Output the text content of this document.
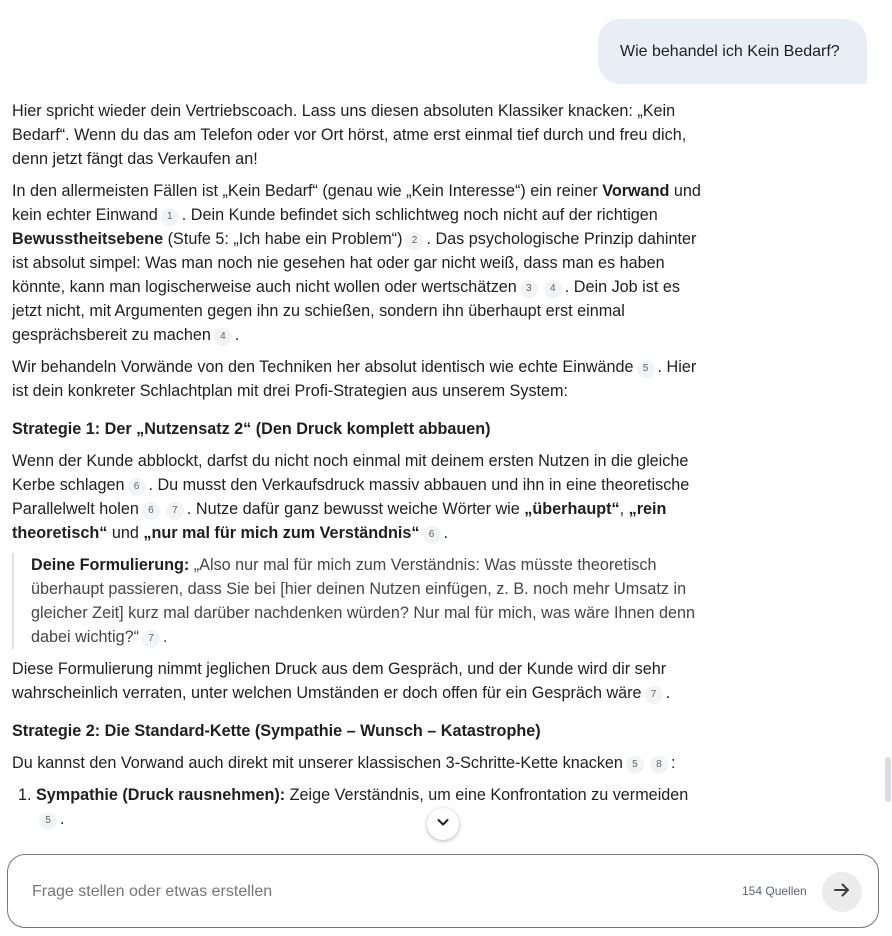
Wie behandel ich Kein Bedarf?

Hier spricht wieder dein Vertriebscoach. Lass uns diesen absoluten Klassiker knacken: „Kein Bedarf“. Wenn du das am Telefon oder vor Ort hörst, atme erst einmal tief durch und freu dich, denn jetzt fängt das Verkaufen an!

In den allermeisten Fällen ist „Kein Bedarf“ (genau wie „Kein Interesse“) ein reiner Vorwand und kein echter Einwand 1 . Dein Kunde befindet sich schlichtweg noch nicht auf der richtigen Bewusstheitsebene (Stufe 5: „Ich habe ein Problem“) 2 . Das psychologische Prinzip dahinter ist absolut simpel: Was man noch nie gesehen hat oder gar nicht weiß, dass man es haben könnte, kann man logischerweise auch nicht wollen oder wertschätzen 3 4 . Dein Job ist es jetzt nicht, mit Argumenten gegen ihn zu schießen, sondern ihn überhaupt erst einmal gesprächsbereit zu machen 4 .

Wir behandeln Vorwände von den Techniken her absolut identisch wie echte Einwände 5 . Hier ist dein konkreter Schlachtplan mit drei Profi-Strategien aus unserem System:

Strategie 1: Der „Nutzensatz 2“ (Den Druck komplett abbauen)

Wenn der Kunde abblockt, darfst du nicht noch einmal mit deinem ersten Nutzen in die gleiche Kerbe schlagen 6 . Du musst den Verkaufsdruck massiv abbauen und ihn in eine theoretische Parallelwelt holen 6 7 . Nutze dafür ganz bewusst weiche Wörter wie „überhaupt“, „rein theoretisch“ und „nur mal für mich zum Verständnis“ 6 .

Deine Formulierung: „Also nur mal für mich zum Verständnis: Was müsste theoretisch überhaupt passieren, dass Sie bei [hier deinen Nutzen einfügen, z. B. noch mehr Umsatz in gleicher Zeit] kurz mal darüber nachdenken würden? Nur mal für mich, was wäre Ihnen denn dabei wichtig?“ 7 .

Diese Formulierung nimmt jeglichen Druck aus dem Gespräch, und der Kunde wird dir sehr wahrscheinlich verraten, unter welchen Umständen er doch offen für ein Gespräch wäre 7 .

Strategie 2: Die Standard-Kette (Sympathie – Wunsch – Katastrophe)

Du kannst den Vorwand auch direkt mit unserer klassischen 3-Schritte-Kette knacken 5 8 :

1. Sympathie (Druck rausnehmen): Zeige Verständnis, um eine Konfrontation zu vermeiden
5 .
Frage stellen oder etwas erstellen
154 Quellen
